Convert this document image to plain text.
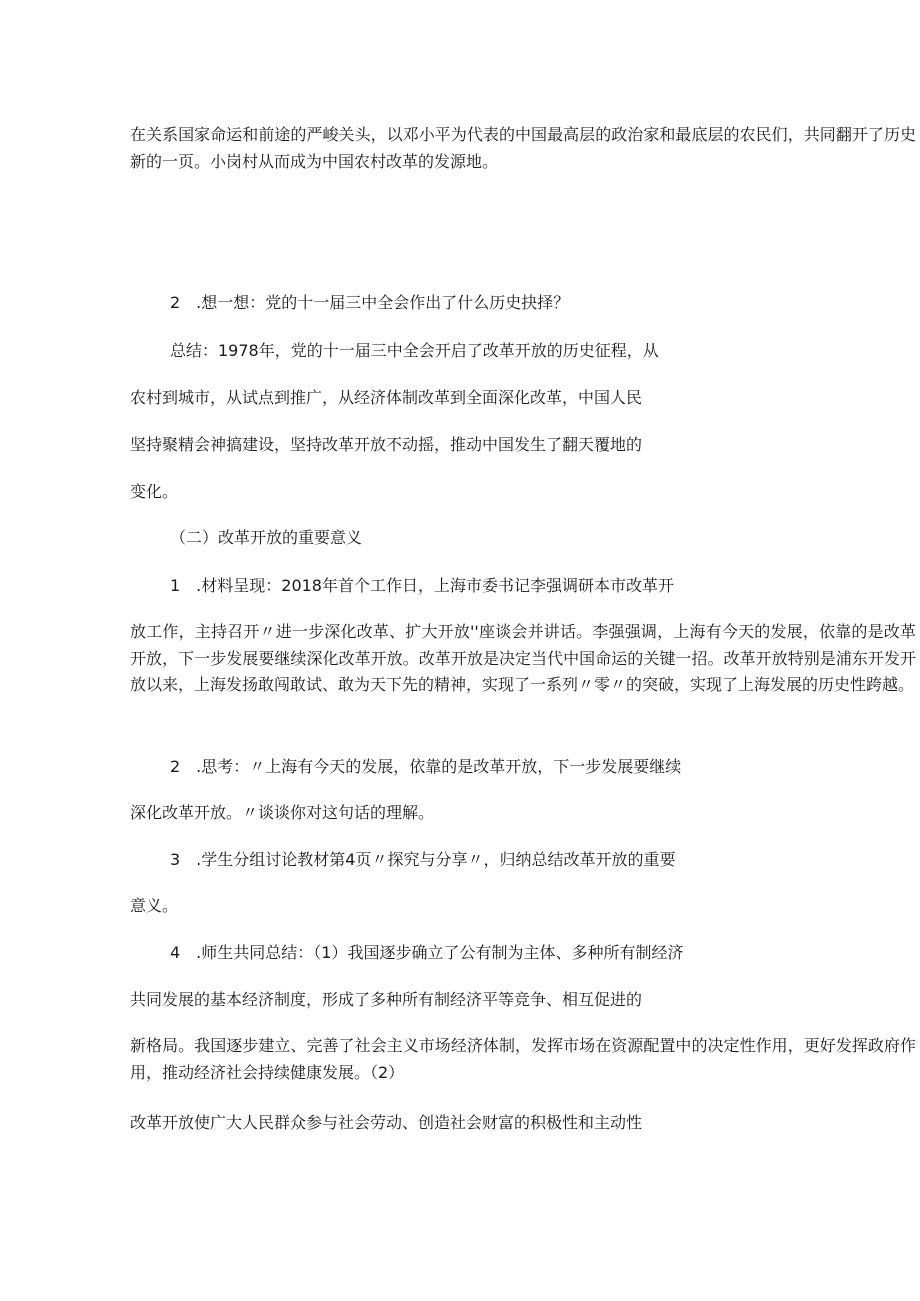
在关系国家命运和前途的严峻关头，以邓小平为代表的中国最高层的政治家和最底层的农民们，共同翻开了历史新的一页。小岗村从而成为中国农村改革的发源地。
2　.想一想：党的十一届三中全会作出了什么历史抉择？
总结：1978年，党的十一届三中全会开启了改革开放的历史征程，从
农村到城市，从试点到推广，从经济体制改革到全面深化改革，中国人民
坚持聚精会神搞建设，坚持改革开放不动摇，推动中国发生了翻天覆地的
变化。
（二）改革开放的重要意义
1　.材料呈现：2018年首个工作日，上海市委书记李强调研本市改革开
放工作，主持召开〃进一步深化改革、扩大开放''座谈会并讲话。李强强调，上海有今天的发展，依靠的是改革开放，下一步发展要继续深化改革开放。改革开放是决定当代中国命运的关键一招。改革开放特别是浦东开发开放以来，上海发扬敢闯敢试、敢为天下先的精神，实现了一系列〃零〃的突破，实现了上海发展的历史性跨越。
2　.思考：〃上海有今天的发展，依靠的是改革开放，下一步发展要继续
深化改革开放。〃谈谈你对这句话的理解。
3　.学生分组讨论教材第4页〃探究与分享〃，归纳总结改革开放的重要
意义。
4　.师生共同总结：（1）我国逐步确立了公有制为主体、多种所有制经济
共同发展的基本经济制度，形成了多种所有制经济平等竞争、相互促进的
新格局。我国逐步建立、完善了社会主义市场经济体制，发挥市场在资源配置中的决定性作用，更好发挥政府作用，推动经济社会持续健康发展。（2）
改革开放使广大人民群众参与社会劳动、创造社会财富的积极性和主动性
